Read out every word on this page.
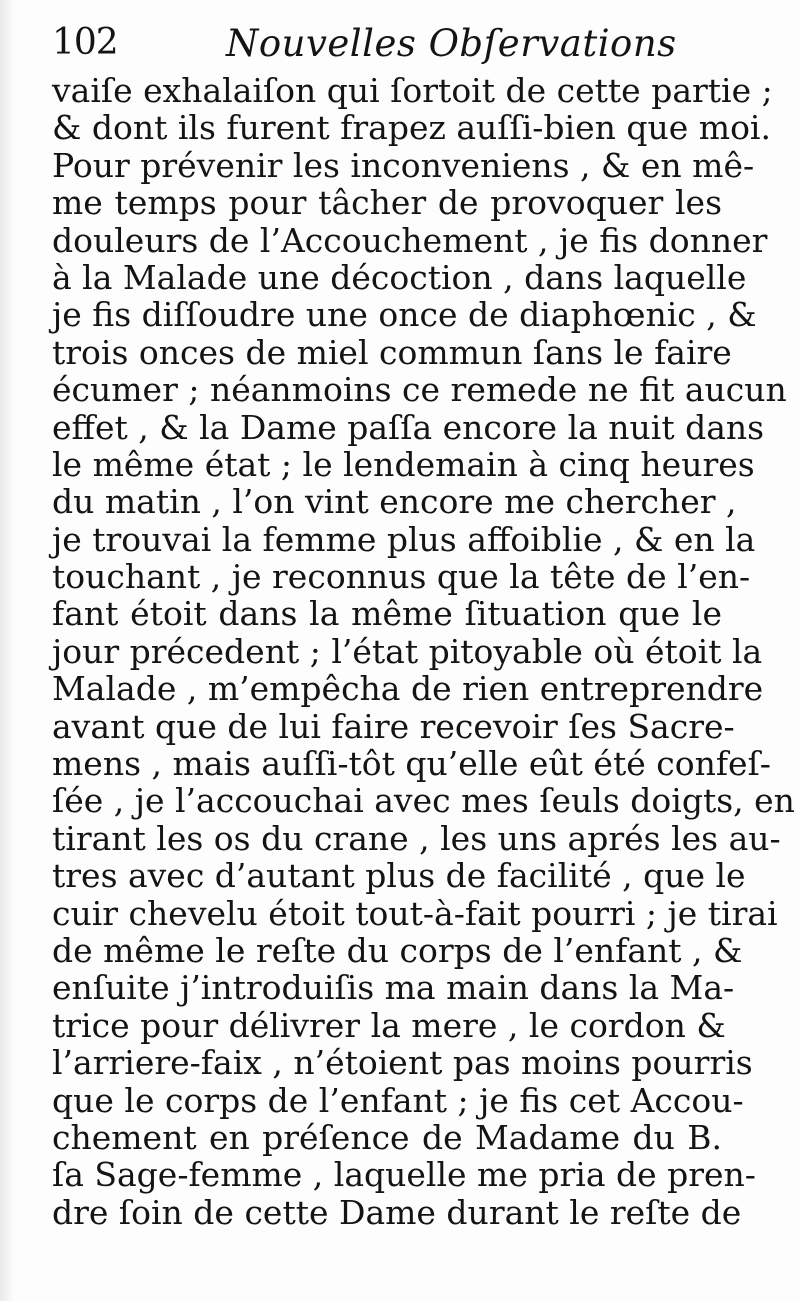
102	Nouvelles Obſervations
vaiſe exhalaiſon qui ſortoit de cette partie ;
& dont ils furent frapez auſſi-bien que moi.
Pour prévenir les inconveniens , & en mê-
me temps pour tâcher de provoquer les
douleurs de l’Accouchement , je fis donner
à la Malade une décoction , dans laquelle
je fis diſſoudre une once de diaphœnic , &
trois onces de miel commun ſans le faire
écumer ; néanmoins ce remede ne fit aucun
effet , & la Dame paſſa encore la nuit dans
le même état ; le lendemain à cinq heures
du matin , l’on vint encore me chercher ,
je trouvai la femme plus affoiblie , & en la
touchant , je reconnus que la tête de l’en-
fant étoit dans la même ſituation que le
jour précedent ; l’état pitoyable où étoit la
Malade , m’empêcha de rien entreprendre
avant que de lui faire recevoir ſes Sacre-
mens , mais auſſi-tôt qu’elle eût été confeſ-
ſée , je l’accouchai avec mes ſeuls doigts, en
tirant les os du crane , les uns aprés les au-
tres avec d’autant plus de facilité , que le
cuir chevelu étoit tout-à-fait pourri ; je tirai
de même le reſte du corps de l’enfant , &
enſuite j’introduiſis ma main dans la Ma-
trice pour délivrer la mere , le cordon &
l’arriere-faix , n’étoient pas moins pourris
que le corps de l’enfant ; je fis cet Accou-
chement en préſence de Madame du B.
ſa Sage-femme , laquelle me pria de pren-
dre ſoin de cette Dame durant le reſte de
